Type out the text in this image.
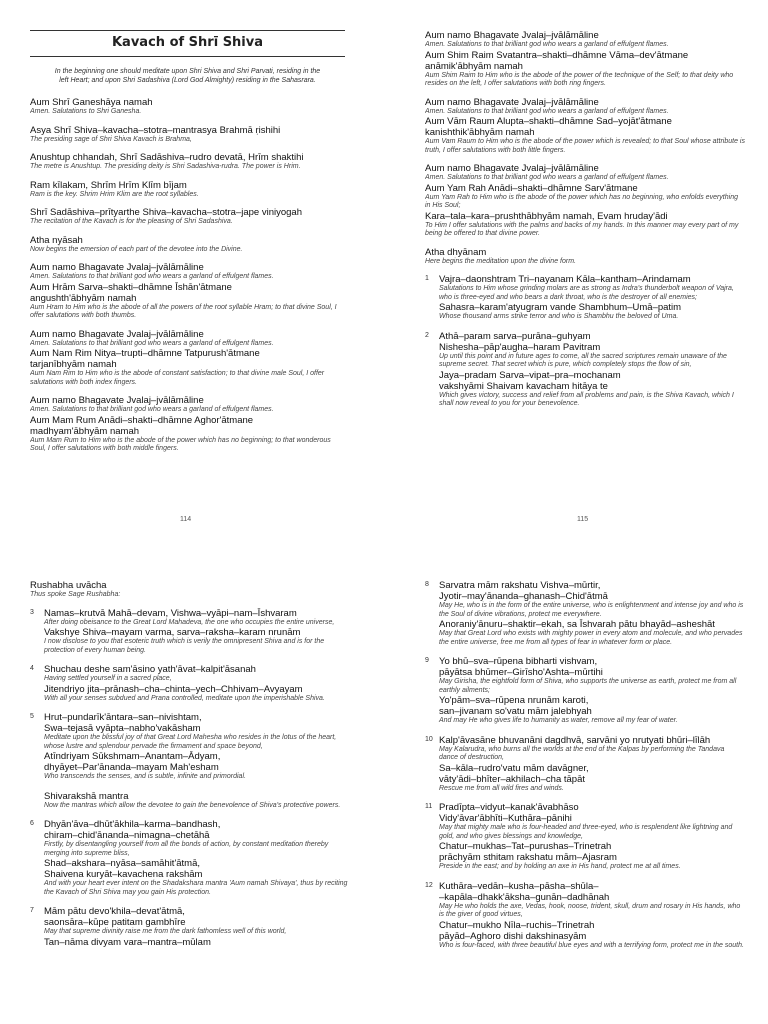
Kavach of Shrī Shiva
In the beginning one should meditate upon Shri Shiva and Shri Parvati, residing in the left Heart; and upon Shri Sadashiva (Lord God Almighty) residing in the Sahasrara.
Aum Shrī Ganeshāya namah
Amen. Salutations to Shri Ganesha.
Asya Shrī Shiva–kavacha–stotra–mantrasya Brahmā ṛishihi
The presiding sage of Shri Shiva Kavach is Brahma,
Anushtup chhandah, Shrī Sadāshiva–rudro devatā, Hrīm shaktihi
The metre is Anushtup. The presiding deity is Shri Sadashiva-rudra. The power is Hrim.
Ram kīlakam, Shrīm Hrīm Klīm bījam
Ram is the key. Shrim Hrim Klim are the root syllables.
Shrī Sadāshiva–prītyarthe Shiva–kavacha–stotra–jape viniyogah
The recitation of the Kavach is for the pleasing of Shri Sadashiva.
Atha nyāsah
Now begins the emersion of each part of the devotee into the Divine.
Aum namo Bhagavate Jvalaj–jvālāmāline
Amen. Salutations to that brilliant god who wears a garland of effulgent flames.
Aum Hrām Sarva–shakti–dhāmne Īshān'ātmane
angushth'ābhyām namah
Aum Hram to Him who is the abode of all the powers of the root syllable Hram; to that divine Soul, I offer salutations with both thumbs.
Aum namo Bhagavate Jvalaj–jvālāmāline
Amen. Salutations to that brilliant god who wears a garland of effulgent flames.
Aum Nam Rim Nitya–trupti–dhāmne Tatpurush'ātmane
tarjanībhyām namah
Aum Nam Rim to Him who is the abode of constant satisfaction; to that divine male Soul, I offer salutations with both index fingers.
Aum namo Bhagavate Jvalaj–jvālāmāline
Amen. Salutations to that brilliant god who wears a garland of effulgent flames.
Aum Mam Rum Anādi–shakti–dhāmne Aghor'ātmane
madhyam'ābhyām namah
Aum Mam Rum to Him who is the abode of the power which has no beginning; to that wonderous Soul, I offer salutations with both middle fingers.
114
Aum namo Bhagavate Jvalaj–jvālāmāline
Amen. Salutations to that brilliant god who wears a garland of effulgent flames.
Aum Shim Raim Svatantra–shakti–dhāmne Vāma–dev'ātmane
anāmik'ābhyām namah
Aum Shim Raim to Him who is the abode of the power of the technique of the Self; to that deity who resides on the left, I offer salutations with both ring fingers.
Aum namo Bhagavate Jvalaj–jvālāmāline
Amen. Salutations to that brilliant god who wears a garland of effulgent flames.
Aum Vām Raum Alupta–shakti–dhāmne Sad–yojāt'ātmane
kanishthik'ābhyām namah
Aum Vam Raum to Him who is the abode of the power which is revealed; to that Soul whose attribute is truth, I offer salutations with both little fingers.
Aum namo Bhagavate Jvalaj–jvālāmāline
Amen. Salutations to that brilliant god who wears a garland of effulgent flames.
Aum Yam Rah Anādi–shakti–dhāmne Sarv'ātmane
Aum Yam Rah to Him who is the abode of the power which has no beginning, who enfolds everything in His Soul;
Kara–tala–kara–prushthābhyām namah, Evam hruday'ādi
To Him I offer salutations with the palms and backs of my hands. In this manner may every part of my being be offered to that divine power.
Atha dhyānam
Here begins the meditation upon the divine form.
1 Vajra–daonshtram Tri–nayanam Kāla–kantham–Arindamam
Salutations to Him whose grinding molars are as strong as Indra's thunderbolt weapon of Vajra, who is three-eyed and who bears a dark throat, who is the destroyer of all enemies;
Sahasra–karam'atyugram vande Shambhum–Umā–patim
Whose thousand arms strike terror and who is Shambhu the beloved of Uma.
2 Athā–param sarva–purāna–guhyam
Nishesha–pāp'augha–haram Pavitram
Up until this point and in future ages to come, all the sacred scriptures remain unaware of the supreme secret. That secret which is pure, which completely stops the flow of sin,
Jaya–pradam Sarva–vipat–pra–mochanam
vakshyāmi Shaivam kavacham hitāya te
Which gives victory, success and relief from all problems and pain, is the Shiva Kavach, which I shall now reveal to you for your benevolence.
115
Rushabha uvācha
Thus spoke Sage Rushabha:
3 Namas–krutvā Mahā–devam, Vishwa–vyāpi–nam–Īshvaram
After doing obeisance to the Great Lord Mahadeva, the one who occupies the entire universe,
Vakshye Shiva–mayam varma, sarva–raksha–karam nrunām
I now disclose to you that esoteric truth which is verily the omnipresent Shiva and is for the protection of every human being.
4 Shuchau deshe sam'āsino yath'āvat–kalpit'āsanah
Having settled yourself in a sacred place,
Jitendriyo jita–prānash–cha–chinta–yech–Chhivam–Avyayam
With all your senses subdued and Prana controlled, meditate upon the imperishable Shiva.
5 Hrut–pundarīk'āntara–san–nivishtam,
Swa–tejasā vyāpta–nabho'vakāsham
Meditate upon the blissful joy of that Great Lord Mahesha who resides in the lotus of the heart, whose lustre and splendour pervade the firmament and space beyond,
Atīndriyam Sūkshmam–Anantam–Ādyam,
dhyāyet–Par'ānanda–mayam Mah'esham
Who transcends the senses, and is subtle, infinite and primordial.
Shivarakshā mantra
Now the mantras which allow the devotee to gain the benevolence of Shiva's protective powers.
6 Dhyān'āva–dhūt'ākhila–karma–bandhash,
chiram–chid'ānanda–nimagna–chetāhā
Firstly, by disentangling yourself from all the bonds of action, by constant meditation thereby merging into supreme bliss,
Shad–akshara–nyāsa–samāhit'ātmā,
Shaivena kuryāt–kavachena rakshām
And with your heart ever intent on the Shadakshara mantra 'Aum namah Shivaya', thus by reciting the Kavach of Shri Shiva may you gain His protection.
7 Mām pātu devo'khila–devat'ātmā,
saonsāra–kūpe patitam gambhīre
May that supreme divinity raise me from the dark fathomless well of this world,
Tan–nāma divyam vara–mantra–mūlam
8 Sarvatra mām rakshatu Vishva–mūrtir,
Jyotir–may'ānanda–ghanash–Chid'ātmā
May He, who is in the form of the entire universe, who is enlightenment and intense joy and who is the Soul of divine vibrations, protect me everywhere.
Anoraniy'ānuru–shaktir–ekah, sa Īshvarah pātu bhayād–asheshāt
May that Great Lord who exists with mighty power in every atom and molecule, and who pervades the entire universe, free me from all types of fear in whatever form or place.
9 Yo bhū–sva–rūpena bibharti vishvam,
pāyātsa bhūmer–Girīsho'Ashta–mūrtihi
May Girisha, the eightfold form of Shiva, who supports the universe as earth, protect me from all earthly ailments;
Yo'pām–sva–rūpena nrunām karoti,
san–jivanam so'vatu mām jalebhyah
And may He who gives life to humanity as water, remove all my fear of water.
10 Kalp'āvasāne bhuvanāni dagdhvā, sarvāni yo nrutyati bhūri–līlāh
May Kalarudra, who burns all the worlds at the end of the Kalpas by performing the Tandava dance of destruction,
Sa–kāla–rudro'vatu mām davāgner,
vāty'ādi–bhīter–akhilach–cha tāpāt
Rescue me from all wild fires and winds.
11 Pradīpta–vidyut–kanak'āvabhāso
Vidy'āvar'ābhīti–Kuthāra–pānihi
May that mighty male who is four-headed and three-eyed, who is resplendent like lightning and gold, and who gives blessings and knowledge,
Chatur–mukhas–Tat–purushas–Trinetrah
prāchyām sthitam rakshatu mām–Ajasram
Preside in the east; and by holding an axe in His hand, protect me at all times.
12 Kuthāra–vedān–kusha–pāsha–shūla–
–kapāla–dhakk'āksha–gunān–dadhānah
May He who holds the axe, Vedas, hook, noose, trident, skull, drum and rosary in His hands, who is the giver of good virtues,
Chatur–mukho Nīla–ruchis–Trinetrah
pāyād–Aghoro dishi dakshinasyām
Who is four-faced, with three beautiful blue eyes and with a terrifying form, protect me in the south.
